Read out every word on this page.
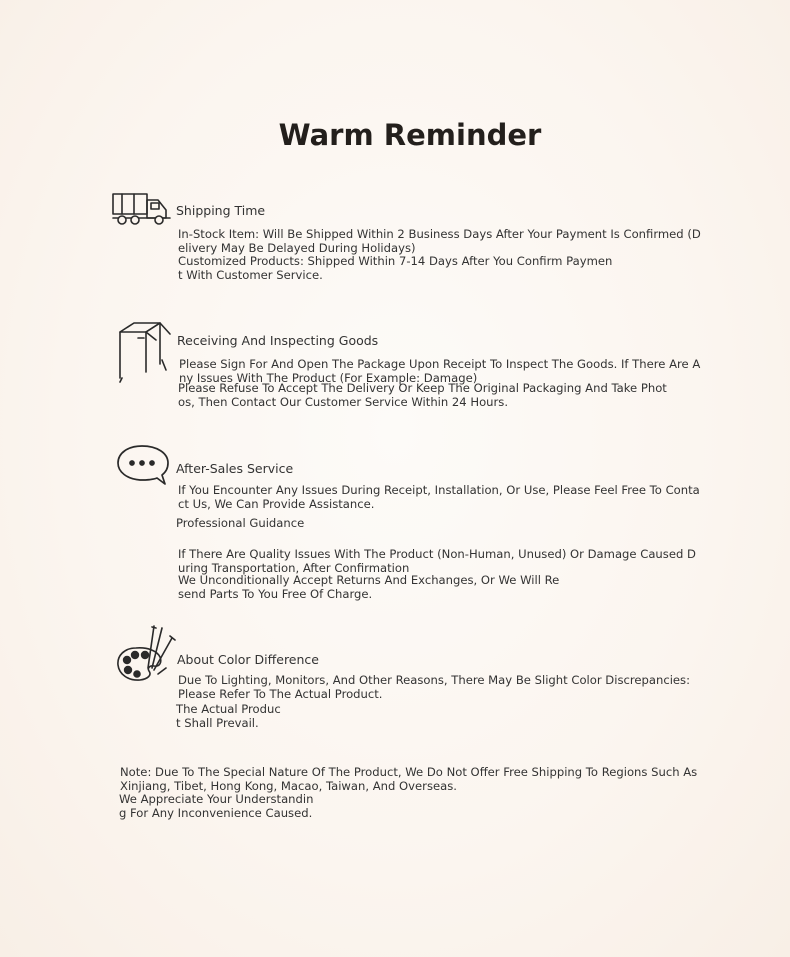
Warm Reminder
Shipping Time
In-Stock Item: Will Be Shipped Within 2 Business Days After Your Payment Is Confirmed (D
elivery May Be Delayed During Holidays)
Customized Products: Shipped Within 7-14 Days After You Confirm Paymen
t With Customer Service.
Receiving And Inspecting Goods
Please Sign For And Open The Package Upon Receipt To Inspect The Goods. If There Are A
ny Issues With The Product (For Example: Damage)
Please Refuse To Accept The Delivery Or Keep The Original Packaging And Take Phot
os, Then Contact Our Customer Service Within 24 Hours.
After-Sales Service
If You Encounter Any Issues During Receipt, Installation, Or Use, Please Feel Free To Conta
ct Us, We Can Provide Assistance.
Professional Guidance
If There Are Quality Issues With The Product (Non-Human, Unused) Or Damage Caused D
uring Transportation, After Confirmation
We Unconditionally Accept Returns And Exchanges, Or We Will Re
send Parts To You Free Of Charge.
About Color Difference
Due To Lighting, Monitors, And Other Reasons, There May Be Slight Color Discrepancies:
Please Refer To The Actual Product.
The Actual Produc
t Shall Prevail.
Note: Due To The Special Nature Of The Product, We Do Not Offer Free Shipping To Regions Such As
Xinjiang, Tibet, Hong Kong, Macao, Taiwan, And Overseas.
We Appreciate Your Understandin
g For Any Inconvenience Caused.
